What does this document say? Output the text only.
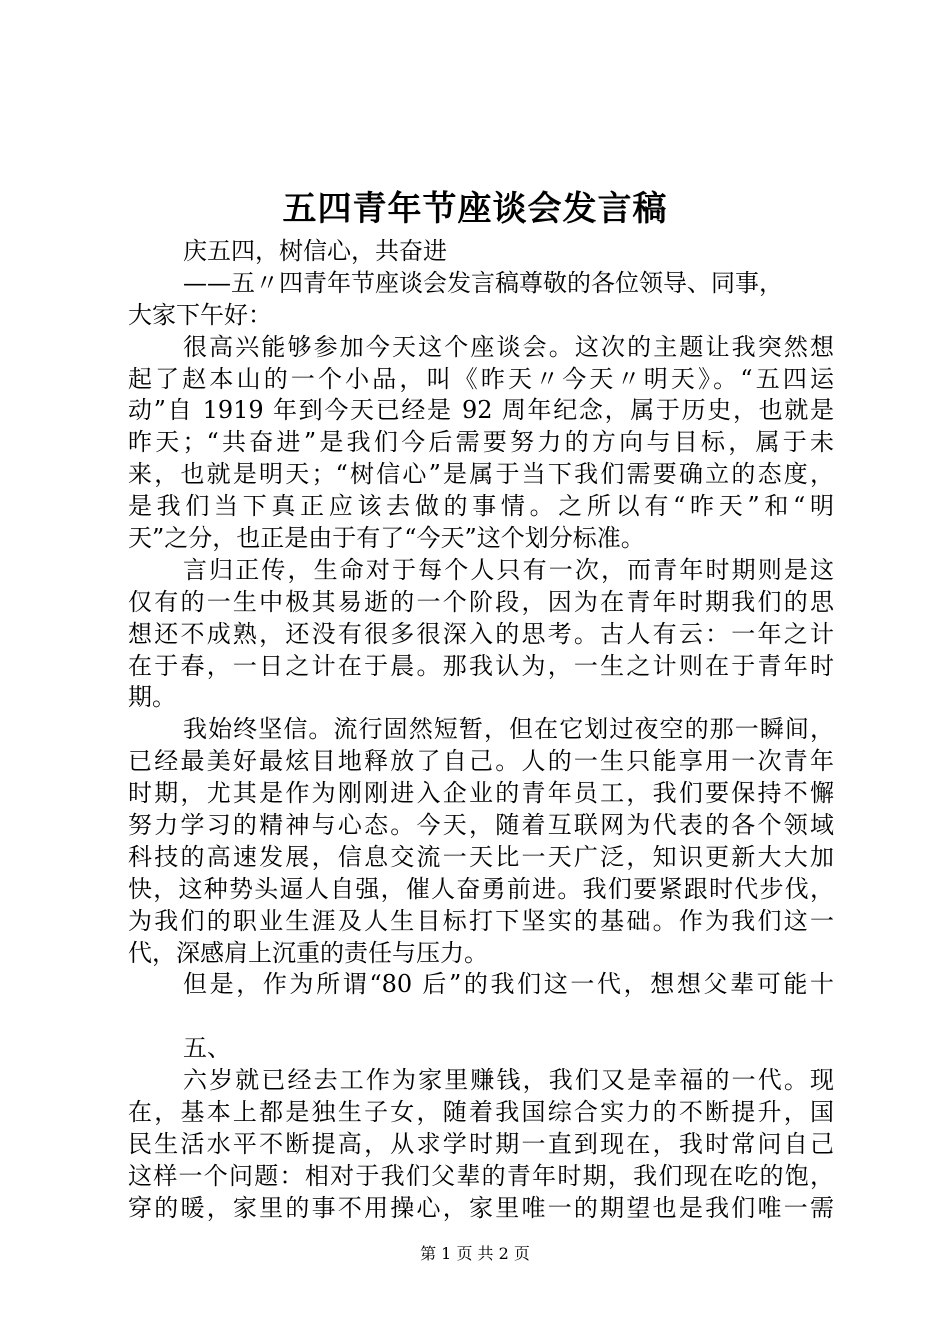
五四青年节座谈会发言稿
庆五四，树信心，共奋进
——五〃四青年节座谈会发言稿尊敬的各位领导、同事，
大家下午好：
很高兴能够参加今天这个座谈会。这次的主题让我突然想
起了赵本山的一个小品，叫《昨天〃今天〃明天》。“五四运
动”自 1919 年到今天已经是 92 周年纪念，属于历史，也就是
昨天；“共奋进”是我们今后需要努力的方向与目标，属于未
来，也就是明天；“树信心”是属于当下我们需要确立的态度，
是我们当下真正应该去做的事情。之所以有“昨天”和“明
天”之分，也正是由于有了“今天”这个划分标准。
言归正传，生命对于每个人只有一次，而青年时期则是这
仅有的一生中极其易逝的一个阶段，因为在青年时期我们的思
想还不成熟，还没有很多很深入的思考。古人有云：一年之计
在于春，一日之计在于晨。那我认为，一生之计则在于青年时
期。
我始终坚信。流行固然短暂，但在它划过夜空的那一瞬间，
已经最美好最炫目地释放了自己。人的一生只能享用一次青年
时期，尤其是作为刚刚进入企业的青年员工，我们要保持不懈
努力学习的精神与心态。今天，随着互联网为代表的各个领域
科技的高速发展，信息交流一天比一天广泛，知识更新大大加
快，这种势头逼人自强，催人奋勇前进。我们要紧跟时代步伐，
为我们的职业生涯及人生目标打下坚实的基础。作为我们这一
代，深感肩上沉重的责任与压力。
但是，作为所谓“80 后”的我们这一代，想想父辈可能十
五、
六岁就已经去工作为家里赚钱，我们又是幸福的一代。现
在，基本上都是独生子女，随着我国综合实力的不断提升，国
民生活水平不断提高，从求学时期一直到现在，我时常问自己
这样一个问题：相对于我们父辈的青年时期，我们现在吃的饱，
穿的暖，家里的事不用操心，家里唯一的期望也是我们唯一需
第 1 页 共 2 页
